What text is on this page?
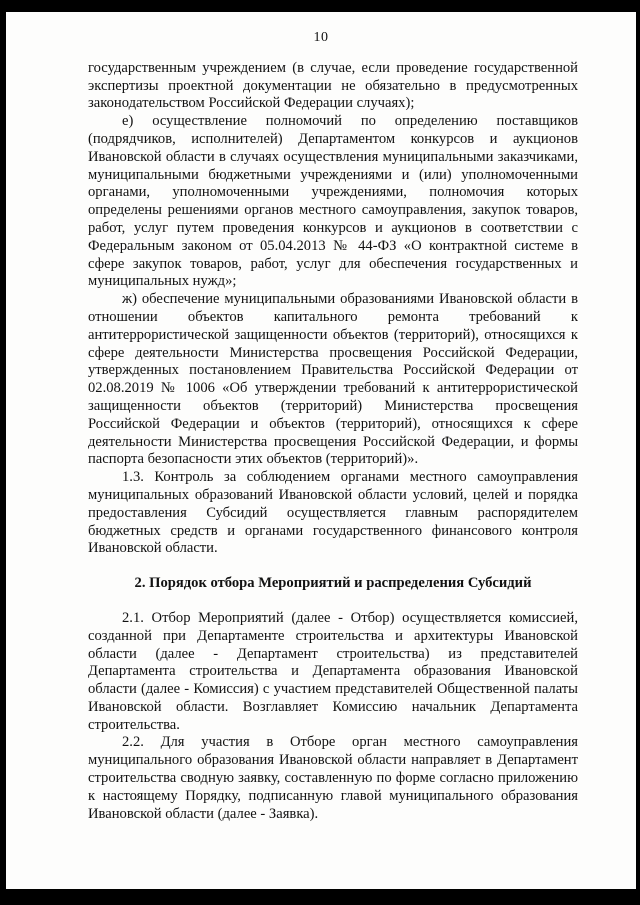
10

государственным учреждением (в случае, если проведение государственной экспертизы проектной документации не обязательно в предусмотренных законодательством Российской Федерации случаях);

е) осуществление полномочий по определению поставщиков (подрядчиков, исполнителей) Департаментом конкурсов и аукционов Ивановской области в случаях осуществления муниципальными заказчиками, муниципальными бюджетными учреждениями и (или) уполномоченными органами, уполномоченными учреждениями, полномочия которых определены решениями органов местного самоуправления, закупок товаров, работ, услуг путем проведения конкурсов и аукционов в соответствии с Федеральным законом от 05.04.2013 № 44-ФЗ «О контрактной системе в сфере закупок товаров, работ, услуг для обеспечения государственных и муниципальных нужд»;

ж) обеспечение муниципальными образованиями Ивановской области в отношении объектов капитального ремонта требований к антитеррористической защищенности объектов (территорий), относящихся к сфере деятельности Министерства просвещения Российской Федерации, утвержденных постановлением Правительства Российской Федерации от 02.08.2019 № 1006 «Об утверждении требований к антитеррористической защищенности объектов (территорий) Министерства просвещения Российской Федерации и объектов (территорий), относящихся к сфере деятельности Министерства просвещения Российской Федерации, и формы паспорта безопасности этих объектов (территорий)».

1.3. Контроль за соблюдением органами местного самоуправления муниципальных образований Ивановской области условий, целей и порядка предоставления Субсидий осуществляется главным распорядителем бюджетных средств и органами государственного финансового контроля Ивановской области.

2. Порядок отбора Мероприятий и распределения Субсидий

2.1. Отбор Мероприятий (далее - Отбор) осуществляется комиссией, созданной при Департаменте строительства и архитектуры Ивановской области (далее - Департамент строительства) из представителей Департамента строительства и Департамента образования Ивановской области (далее - Комиссия) с участием представителей Общественной палаты Ивановской области. Возглавляет Комиссию начальник Департамента строительства.

2.2. Для участия в Отборе орган местного самоуправления муниципального образования Ивановской области направляет в Департамент строительства сводную заявку, составленную по форме согласно приложению к настоящему Порядку, подписанную главой муниципального образования Ивановской области (далее - Заявка).
